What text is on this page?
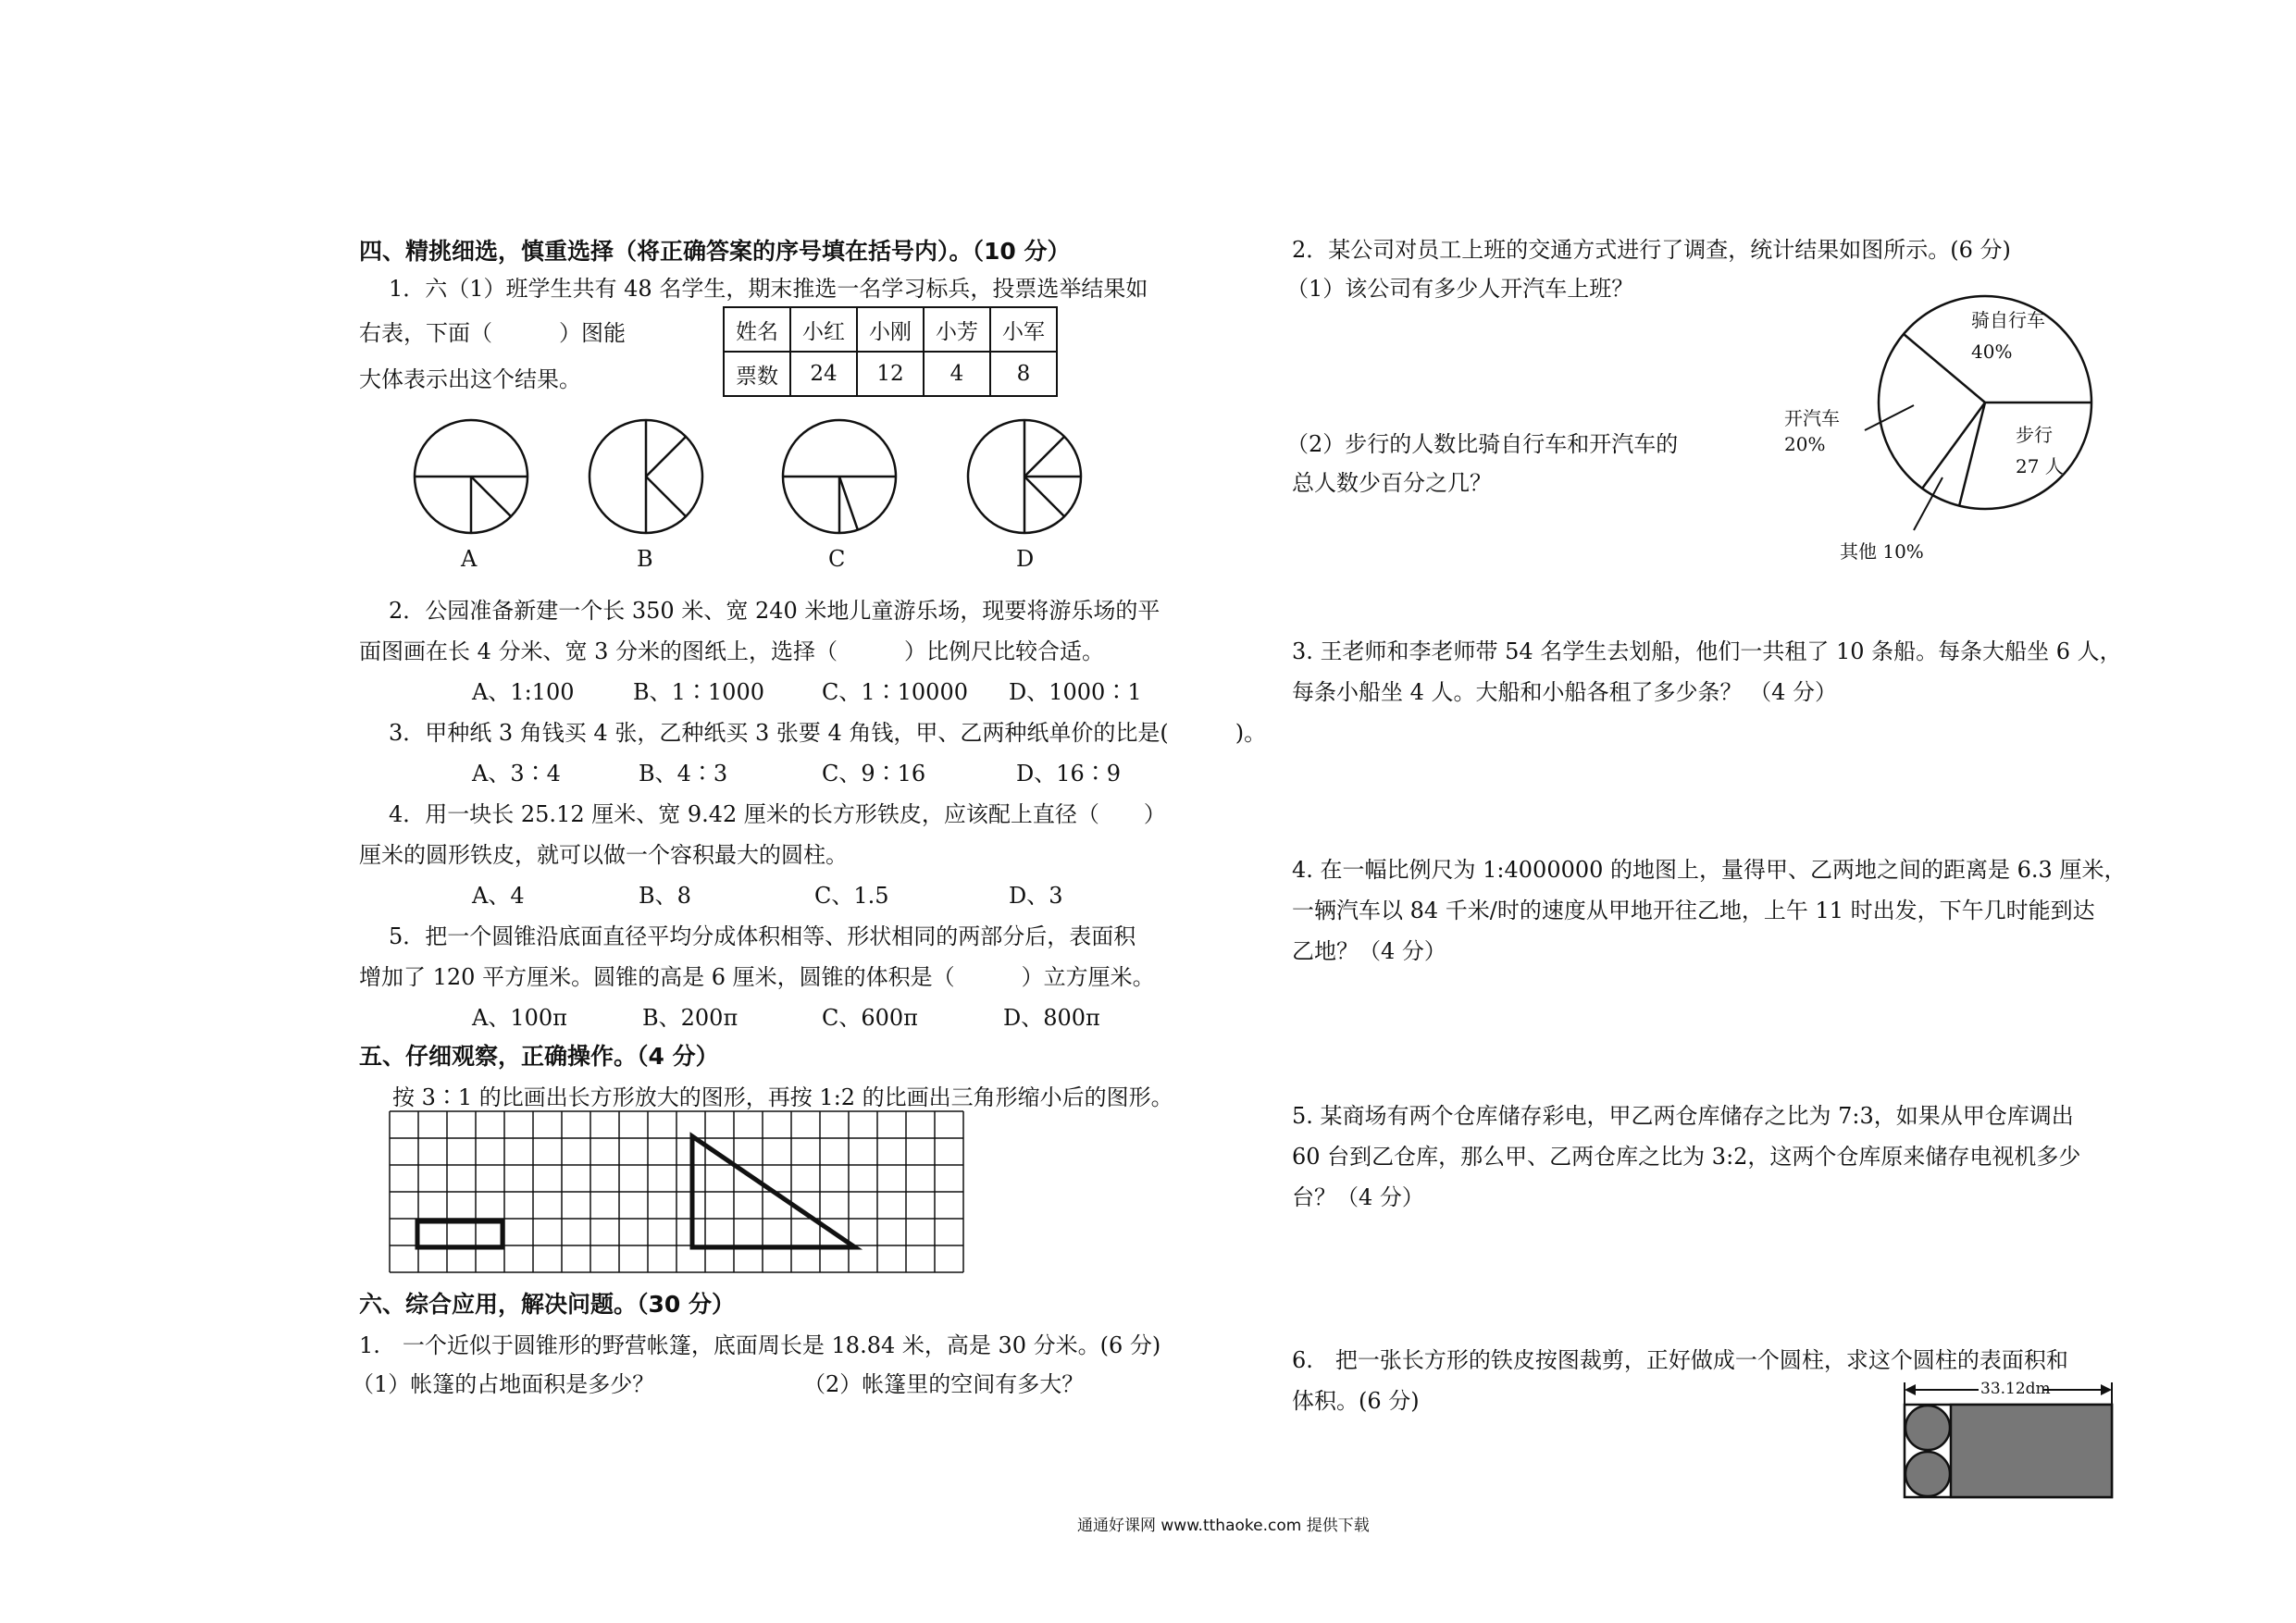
四、精挑细选，慎重选择（将正确答案的序号填在括号内）。（10 分）
1．六（1）班学生共有 48 名学生，期末推选一名学习标兵，投票选举结果如
右表，下面（　　　）图能
大体表示出这个结果。
姓名	小红	小刚	小芳	小军
票数	24	12	4	8
A	B	C	D
2．公园准备新建一个长 350 米、宽 240 米地儿童游乐场，现要将游乐场的平
面图画在长 4 分米、宽 3 分米的图纸上，选择（　　　）比例尺比较合适。
A、1:100	B、1∶1000	C、1∶10000 D、1000∶1
3．甲种纸 3 角钱买 4 张，乙种纸买 3 张要 4 角钱，甲、乙两种纸单价的比是(　　　)。
A、3∶4	B、4∶3	C、9∶16	D、16∶9
4．用一块长 25.12 厘米、宽 9.42 厘米的长方形铁皮，应该配上直径（　　）
厘米的圆形铁皮，就可以做一个容积最大的圆柱。
A、4	B、8	C、1.5	D、3
5．把一个圆锥沿底面直径平均分成体积相等、形状相同的两部分后，表面积
增加了 120 平方厘米。圆锥的高是 6 厘米，圆锥的体积是（　　　）立方厘米。
A、100π	B、200π	C、600π	D、800π
五、仔细观察，正确操作。（4 分）
按 3∶1 的比画出长方形放大的图形，再按 1:2 的比画出三角形缩小后的图形。
六、综合应用，解决问题。（30 分）
1.　一个近似于圆锥形的野营帐篷，底面周长是 18.84 米，高是 30 分米。(6 分)
（1）帐篷的占地面积是多少？	（2）帐篷里的空间有多大？
2．某公司对员工上班的交通方式进行了调查，统计结果如图所示。(6 分)
（1）该公司有多少人开汽车上班？
（2）步行的人数比骑自行车和开汽车的
总人数少百分之几？
骑自行车
40%
开汽车
20%	步行
27 人
其他 10%
3. 王老师和李老师带 54 名学生去划船，他们一共租了 10 条船。每条大船坐 6 人，
每条小船坐 4 人。大船和小船各租了多少条？ （4 分）
4. 在一幅比例尺为 1:4000000 的地图上，量得甲、乙两地之间的距离是 6.3 厘米，
一辆汽车以 84 千米/时的速度从甲地开往乙地，上午 11 时出发，下午几时能到达
乙地？（4 分）
5. 某商场有两个仓库储存彩电，甲乙两仓库储存之比为 7:3，如果从甲仓库调出
60 台到乙仓库，那么甲、乙两仓库之比为 3:2，这两个仓库原来储存电视机多少
台？（4 分）
6.　把一张长方形的铁皮按图裁剪，正好做成一个圆柱，求这个圆柱的表面积和
体积。(6 分)	33.12dm
通通好课网 www.tthaoke.com 提供下载
